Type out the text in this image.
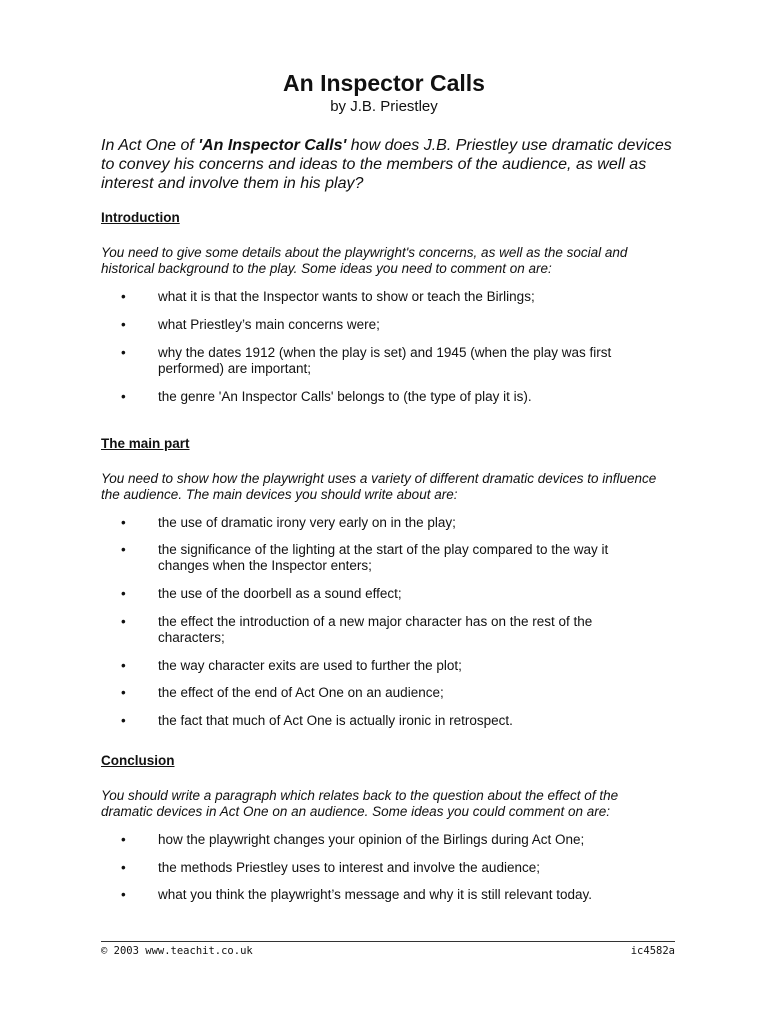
An Inspector Calls

by J.B. Priestley

In Act One of 'An Inspector Calls' how does J.B. Priestley use dramatic devices to convey his concerns and ideas to the members of the audience, as well as interest and involve them in his play?

Introduction

You need to give some details about the playwright's concerns, as well as the social and historical background to the play. Some ideas you need to comment on are:

• what it is that the Inspector wants to show or teach the Birlings;
• what Priestley’s main concerns were;
• why the dates 1912 (when the play is set) and 1945 (when the play was first performed) are important;
• the genre 'An Inspector Calls' belongs to (the type of play it is).

The main part

You need to show how the playwright uses a variety of different dramatic devices to influence the audience. The main devices you should write about are:

• the use of dramatic irony very early on in the play;
• the significance of the lighting at the start of the play compared to the way it changes when the Inspector enters;
• the use of the doorbell as a sound effect;
• the effect the introduction of a new major character has on the rest of the characters;
• the way character exits are used to further the plot;
• the effect of the end of Act One on an audience;
• the fact that much of Act One is actually ironic in retrospect.

Conclusion

You should write a paragraph which relates back to the question about the effect of the dramatic devices in Act One on an audience. Some ideas you could comment on are:

• how the playwright changes your opinion of the Birlings during Act One;
• the methods Priestley uses to interest and involve the audience;
• what you think the playwright’s message and why it is still relevant today.

© 2003 www.teachit.co.uk	ic4582a
